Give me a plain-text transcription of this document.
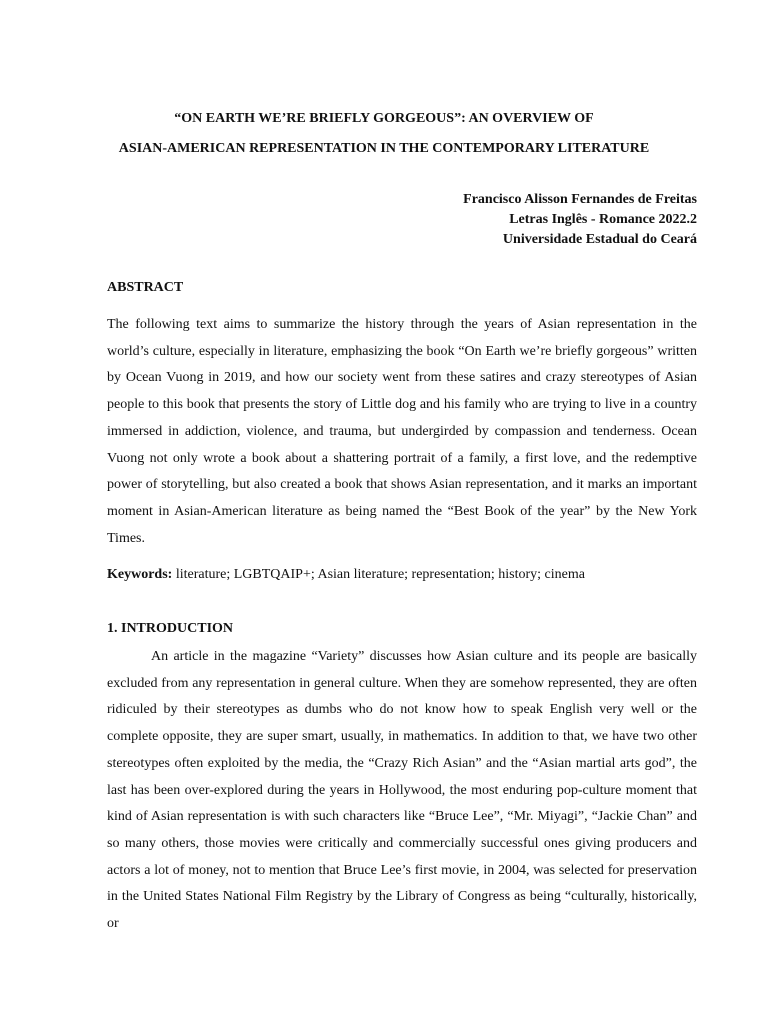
“ON EARTH WE’RE BRIEFLY GORGEOUS”: AN OVERVIEW OF
ASIAN-AMERICAN REPRESENTATION IN THE CONTEMPORARY LITERATURE
Francisco Alisson Fernandes de Freitas
Letras Inglês - Romance 2022.2
Universidade Estadual do Ceará
ABSTRACT
The following text aims to summarize the history through the years of Asian representation in the world’s culture, especially in literature, emphasizing the book “On Earth we’re briefly gorgeous” written by Ocean Vuong in 2019, and how our society went from these satires and crazy stereotypes of Asian people to this book that presents the story of Little dog and his family who are trying to live in a country immersed in addiction, violence, and trauma, but undergirded by compassion and tenderness. Ocean Vuong not only wrote a book about a shattering portrait of a family, a first love, and the redemptive power of storytelling, but also created a book that shows Asian representation, and it marks an important moment in Asian-American literature as being named the “Best Book of the year” by the New York Times.
Keywords: literature; LGBTQAIP+; Asian literature; representation; history; cinema
1. INTRODUCTION
An article in the magazine “Variety” discusses how Asian culture and its people are basically excluded from any representation in general culture. When they are somehow represented, they are often ridiculed by their stereotypes as dumbs who do not know how to speak English very well or the complete opposite, they are super smart, usually, in mathematics. In addition to that, we have two other stereotypes often exploited by the media, the “Crazy Rich Asian” and the “Asian martial arts god”, the last has been over-explored during the years in Hollywood, the most enduring pop-culture moment that kind of Asian representation is with such characters like “Bruce Lee”, “Mr. Miyagi”, “Jackie Chan” and so many others, those movies were critically and commercially successful ones giving producers and actors a lot of money, not to mention that Bruce Lee’s first movie, in 2004, was selected for preservation in the United States National Film Registry by the Library of Congress as being “culturally, historically, or
